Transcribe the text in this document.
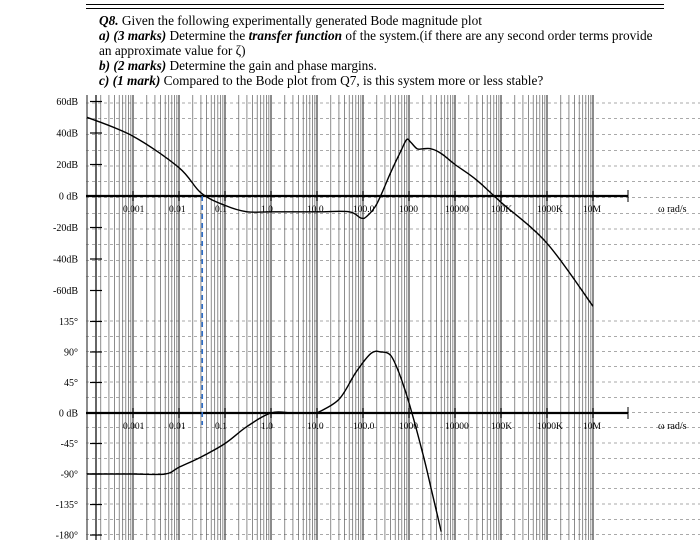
Q8. Given the following experimentally generated Bode magnitude plot

a) (3 marks) Determine the transfer function of the system.(if there are any second order terms provide an approximate value for ζ)

b) (2 marks) Determine the gain and phase margins.

c) (1 mark) Compared to the Bode plot from Q7, is this system more or less stable?

0.001	0.01	0.1	1.0	10.0	100.0	1000	10000 100K	1000K 10M	ω rad/s
60dB
40dB
20dB
0 dB
-20dB
-40dB
-60dB
0.001	0.01	0.1	1.0	10.0	100.0	1000	10000 100K	1000K 10M	ω rad/s
135°
90°
45°
0 dB
-45°
-90°
-135°
-180°
